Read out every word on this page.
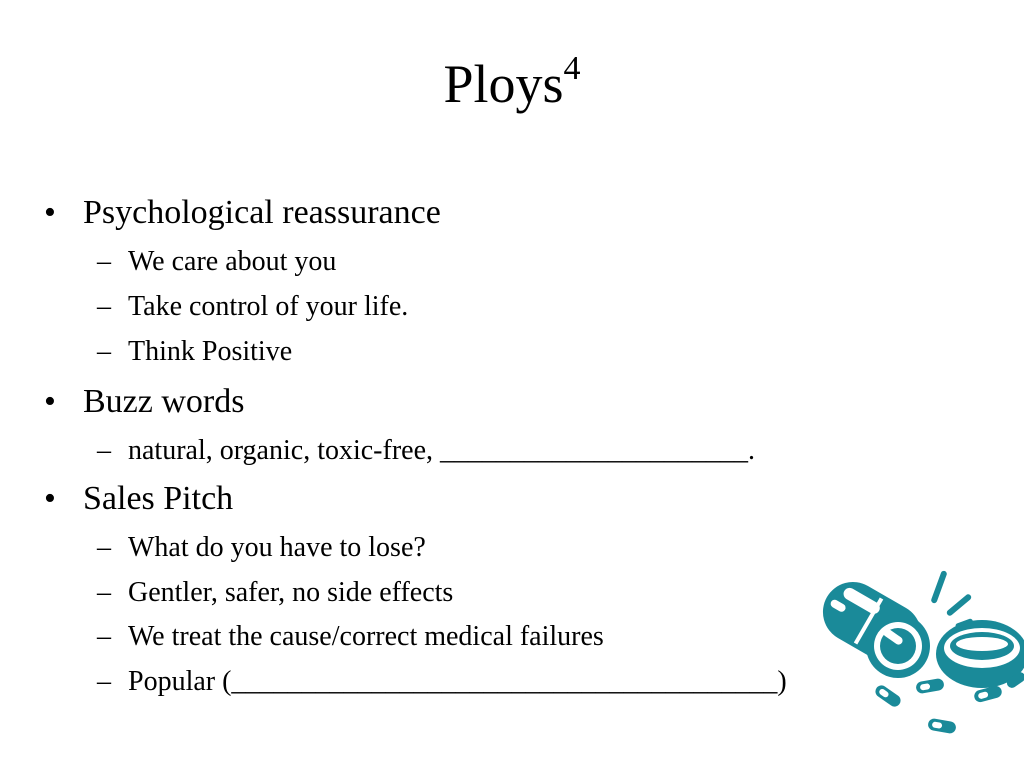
Ploys$^4$
• Psychological reassurance
– We care about you
– Take control of your life.
– Think Positive
• Buzz words
– natural, organic, toxic-free, ______________________.
• Sales Pitch
– What do you have to lose?
– Gentler, safer, no side effects
– We treat the cause/correct medical failures
– Popular (_______________________________________)
